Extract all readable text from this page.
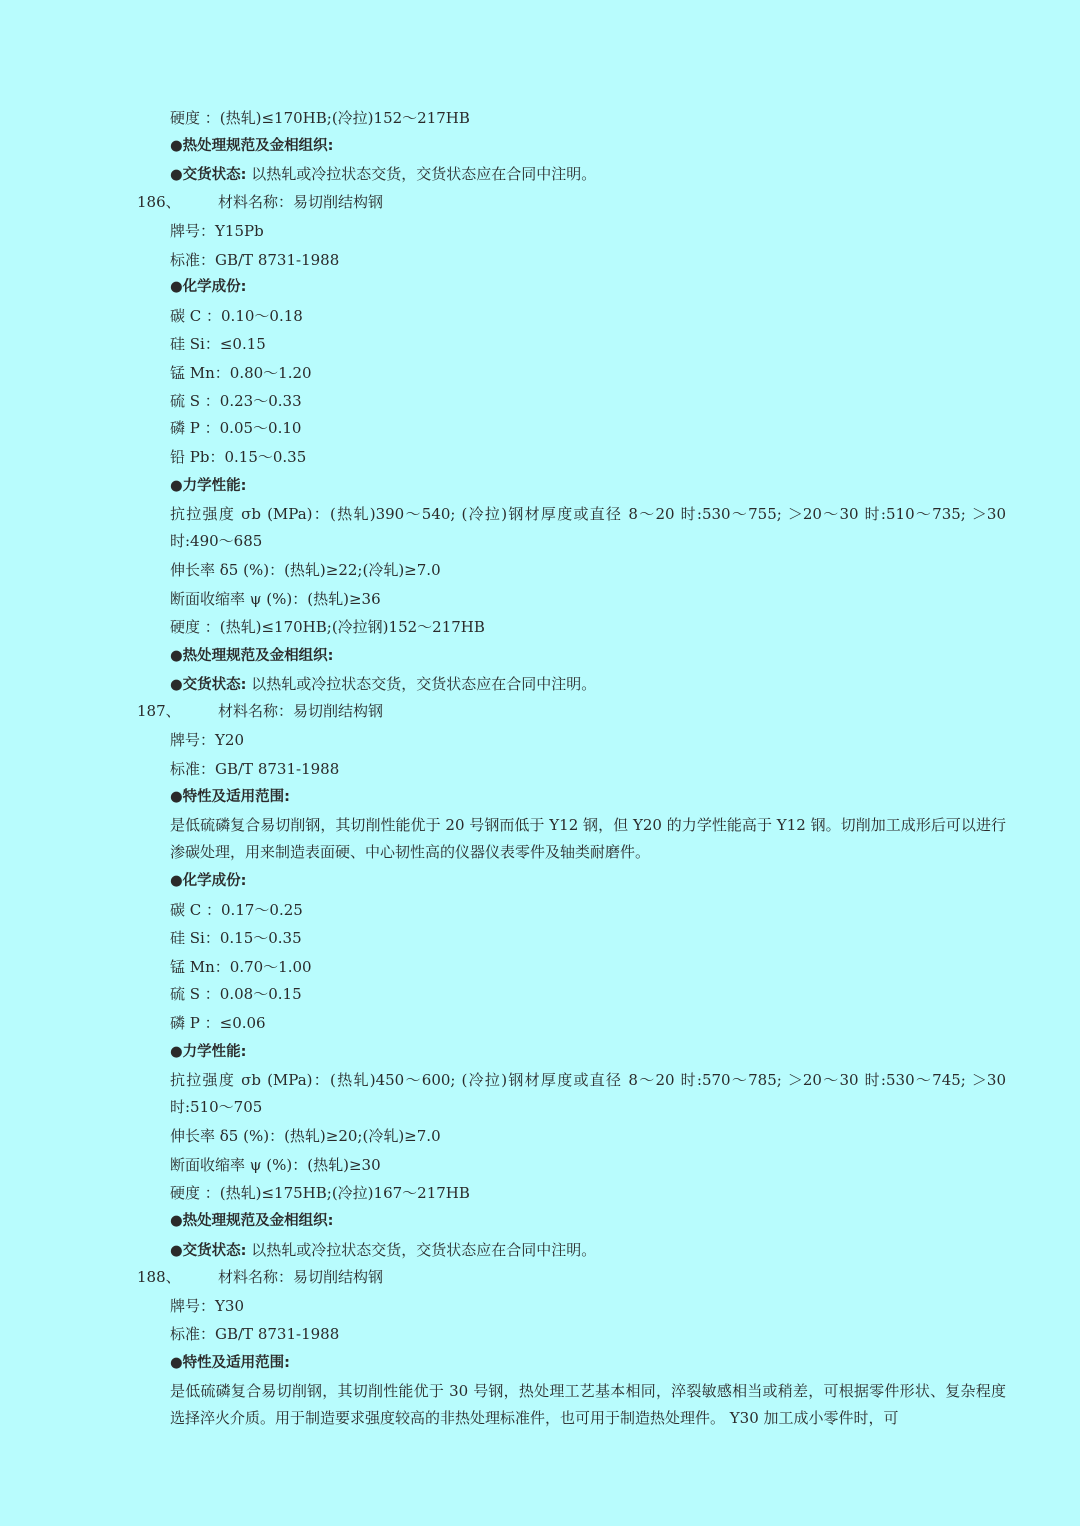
硬度 ：(热轧)≤170HB;(冷拉)152～217HB
●热处理规范及金相组织:
●交货状态: 以热轧或冷拉状态交货，交货状态应在合同中注明。
186、 材料名称：易切削结构钢
牌号：Y15Pb
标准：GB/T 8731-1988
●化学成份:
碳 C ：0.10～0.18
硅 Si：≤0.15
锰 Mn：0.80～1.20
硫 S ：0.23～0.33
磷 P ：0.05～0.10
铅 Pb：0.15～0.35
●力学性能:
抗拉强度 σb (MPa)：(热轧)390～540; (冷拉)钢材厚度或直径 8～20 时:530～755; ＞20～30 时:510～735; ＞30 时:490～685
伸长率 δ5 (%)：(热轧)≥22;(冷轧)≥7.0
断面收缩率 ψ (%)：(热轧)≥36
硬度 ：(热轧)≤170HB;(冷拉钢)152～217HB
●热处理规范及金相组织:
●交货状态: 以热轧或冷拉状态交货，交货状态应在合同中注明。
187、 材料名称：易切削结构钢
牌号：Y20
标准：GB/T 8731-1988
●特性及适用范围:
是低硫磷复合易切削钢，其切削性能优于 20 号钢而低于 Y12 钢，但 Y20 的力学性能高于 Y12 钢。切削加工成形后可以进行渗碳处理，用来制造表面硬、中心韧性高的仪器仪表零件及轴类耐磨件。
●化学成份:
碳 C ：0.17～0.25
硅 Si：0.15～0.35
锰 Mn：0.70～1.00
硫 S ：0.08～0.15
磷 P ：≤0.06
●力学性能:
抗拉强度 σb (MPa)：(热轧)450～600; (冷拉)钢材厚度或直径 8～20 时:570～785; ＞20～30 时:530～745; ＞30 时:510～705
伸长率 δ5 (%)：(热轧)≥20;(冷轧)≥7.0
断面收缩率 ψ (%)：(热轧)≥30
硬度 ：(热轧)≤175HB;(冷拉)167～217HB
●热处理规范及金相组织:
●交货状态: 以热轧或冷拉状态交货，交货状态应在合同中注明。
188、 材料名称：易切削结构钢
牌号：Y30
标准：GB/T 8731-1988
●特性及适用范围:
是低硫磷复合易切削钢，其切削性能优于 30 号钢，热处理工艺基本相同，淬裂敏感相当或稍差，可根据零件形状、复杂程度选择淬火介质。用于制造要求强度较高的非热处理标准件，也可用于制造热处理件。 Y30 加工成小零件时，可
